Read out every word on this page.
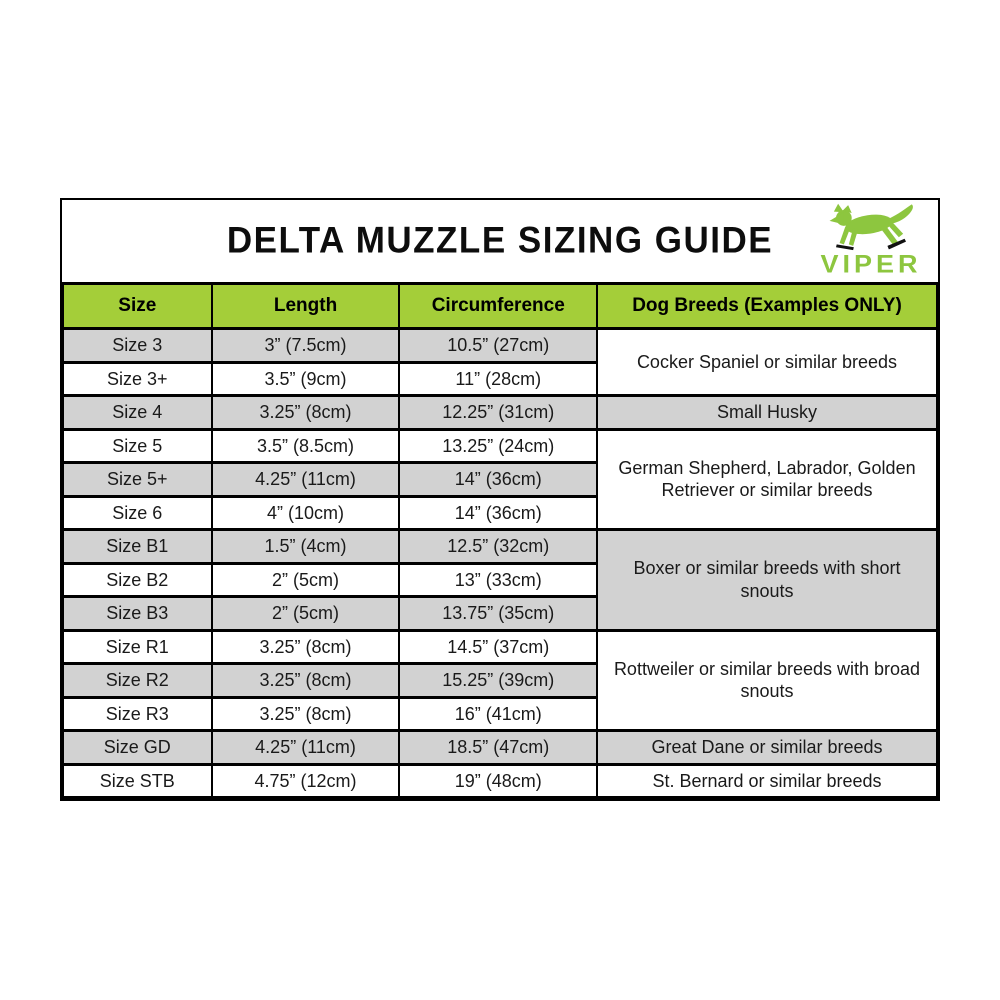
DELTA MUZZLE SIZING GUIDE
VIPER
Size	Length	Circumference	Dog Breeds (Examples ONLY)
Size 3	3” (7.5cm)	10.5” (27cm)	Cocker Spaniel or similar breeds
Size 3+	3.5” (9cm)	11” (28cm)	
Size 4	3.25” (8cm)	12.25” (31cm)	Small Husky
Size 5	3.5” (8.5cm)	13.25” (24cm)	German Shepherd, Labrador, Golden Retriever or similar breeds
Size 5+	4.25” (11cm)	14” (36cm)	
Size 6	4” (10cm)	14” (36cm)	
Size B1	1.5” (4cm)	12.5” (32cm)	Boxer or similar breeds with short snouts
Size B2	2” (5cm)	13” (33cm)	
Size B3	2” (5cm)	13.75” (35cm)	
Size R1	3.25” (8cm)	14.5” (37cm)	Rottweiler or similar breeds with broad snouts
Size R2	3.25” (8cm)	15.25” (39cm)	
Size R3	3.25” (8cm)	16” (41cm)	
Size GD	4.25” (11cm)	18.5” (47cm)	Great Dane or similar breeds
Size STB	4.75” (12cm)	19” (48cm)	St. Bernard or similar breeds
